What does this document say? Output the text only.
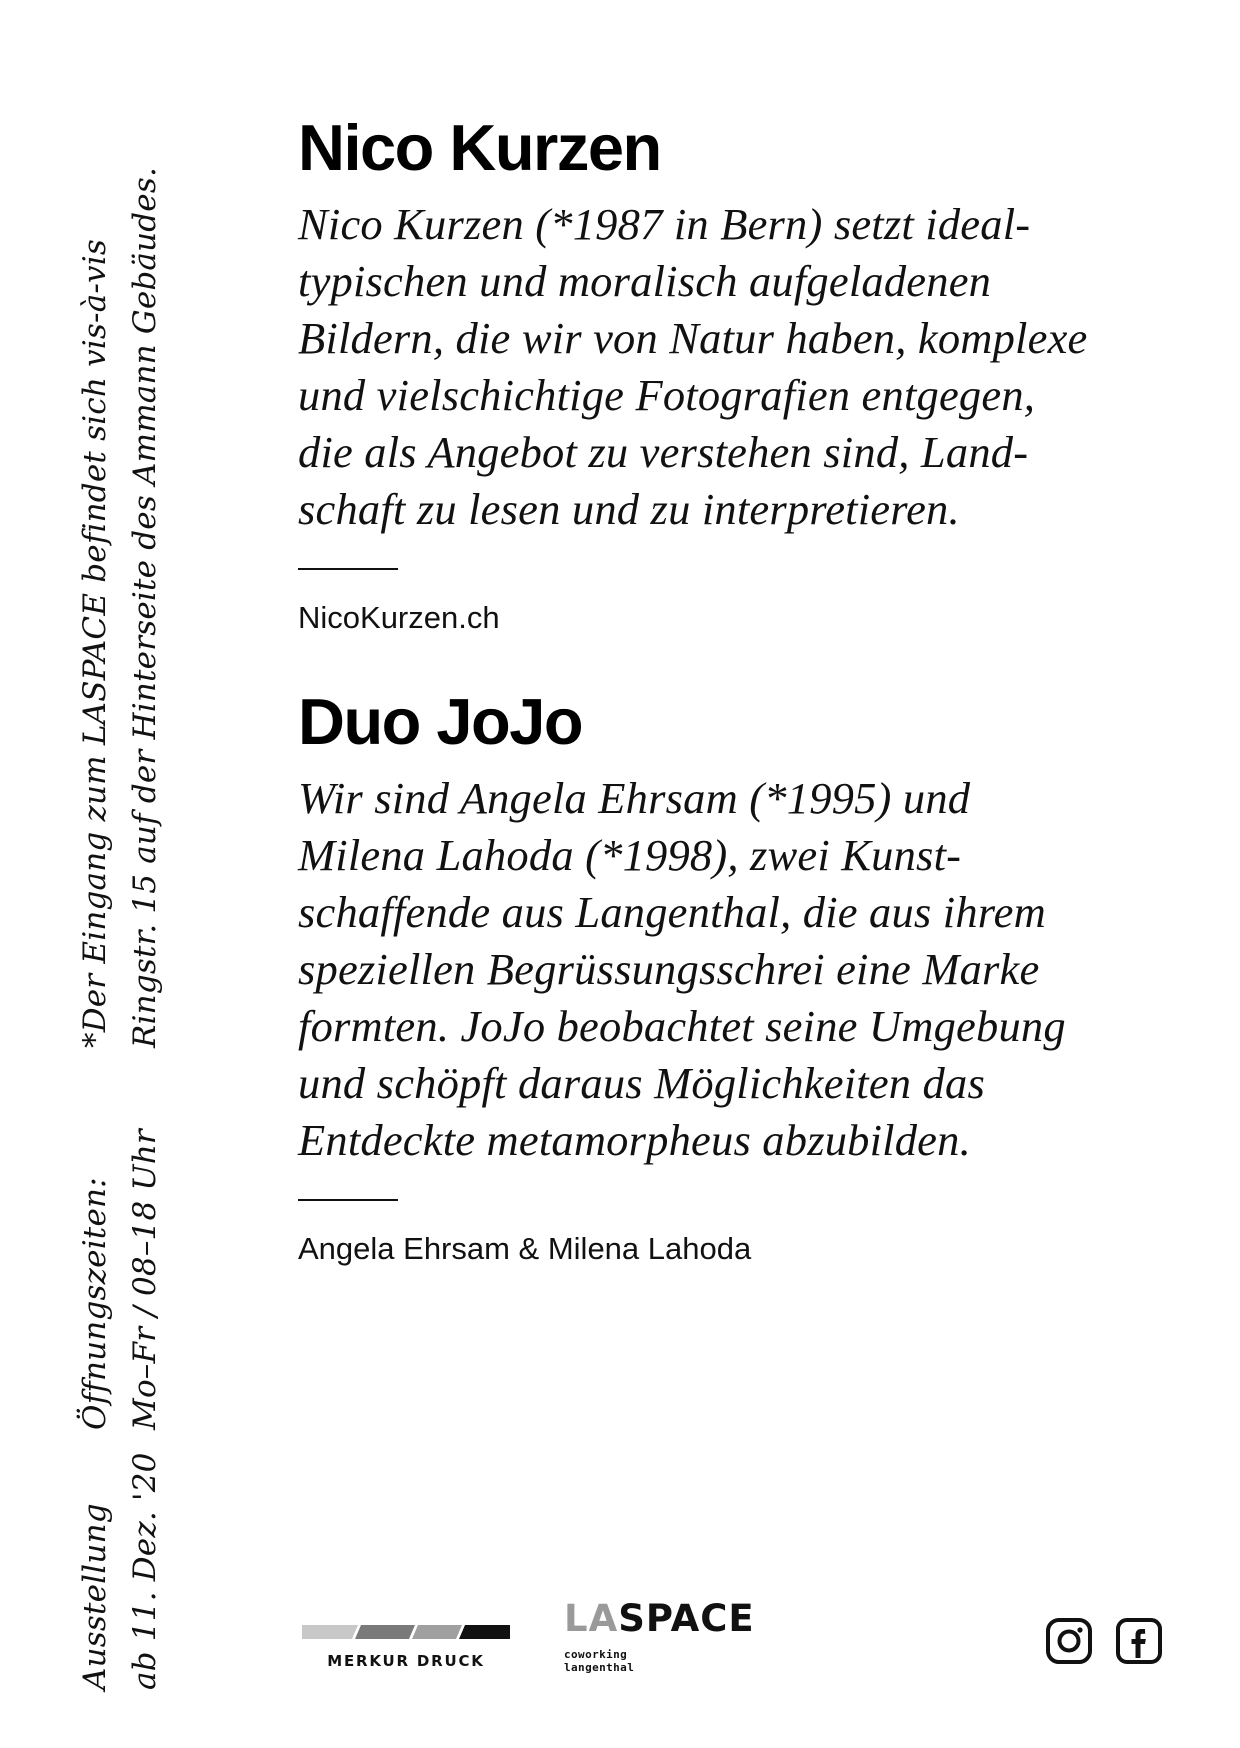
Ausstellung ab 11. Dez. '20
Öffnungszeiten: Mo–Fr / 08–18 Uhr
*Der Eingang zum LASPACE befindet sich vis-à-vis Ringstr. 15 auf der Hinterseite des Ammann Gebäudes.
Nico Kurzen

Nico Kurzen (*1987 in Bern) setzt ideal-
typischen und moralisch aufgeladenen
Bildern, die wir von Natur haben, komplexe
und vielschichtige Fotografien entgegen,
die als Angebot zu verstehen sind, Land-
schaft zu lesen und zu interpretieren.

NicoKurzen.ch

Duo JoJo

Wir sind Angela Ehrsam (*1995) und
Milena Lahoda (*1998), zwei Kunst-
schaffende aus Langenthal, die aus ihrem
speziellen Begrüssungsschrei eine Marke
formten. JoJo beobachtet seine Umgebung
und schöpft daraus Möglichkeiten das
Entdeckte metamorpheus abzubilden.

Angela Ehrsam & Milena Lahoda

MERKUR DRUCK
LASPACE
coworking
langenthal
